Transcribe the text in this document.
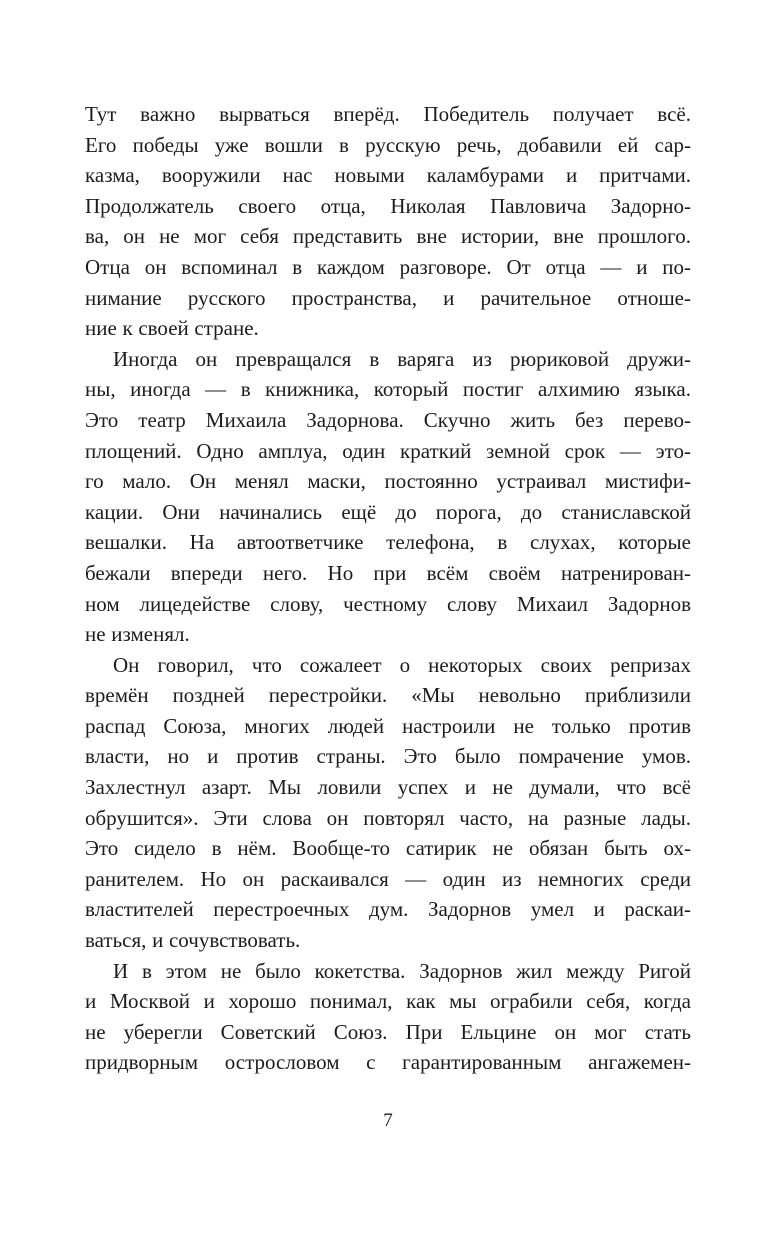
Тут важно вырваться вперёд. Победитель получает всё.
Его победы уже вошли в русскую речь, добавили ей сар-
казма, вооружили нас новыми каламбурами и притчами.
Продолжатель своего отца, Николая Павловича Задорно-
ва, он не мог себя представить вне истории, вне прошлого.
Отца он вспоминал в каждом разговоре. От отца — и по-
нимание русского пространства, и рачительное отноше-
ние к своей стране.
Иногда он превращался в варяга из рюриковой дружи-
ны, иногда — в книжника, который постиг алхимию языка.
Это театр Михаила Задорнова. Скучно жить без перево-
площений. Одно амплуа, один краткий земной срок — это-
го мало. Он менял маски, постоянно устраивал мистифи-
кации. Они начинались ещё до порога, до станиславской
вешалки. На автоответчике телефона, в слухах, которые
бежали впереди него. Но при всём своём натренирован-
ном лицедействе слову, честному слову Михаил Задорнов
не изменял.
Он говорил, что сожалеет о некоторых своих репризах
времён поздней перестройки. «Мы невольно приблизили
распад Союза, многих людей настроили не только против
власти, но и против страны. Это было помрачение умов.
Захлестнул азарт. Мы ловили успех и не думали, что всё
обрушится». Эти слова он повторял часто, на разные лады.
Это сидело в нём. Вообще-то сатирик не обязан быть ох-
ранителем. Но он раскаивался — один из немногих среди
властителей перестроечных дум. Задорнов умел и раскаи-
ваться, и сочувствовать.
И в этом не было кокетства. Задорнов жил между Ригой
и Москвой и хорошо понимал, как мы ограбили себя, когда
не уберегли Советский Союз. При Ельцине он мог стать
придворным острословом с гарантированным ангажемен-
7
